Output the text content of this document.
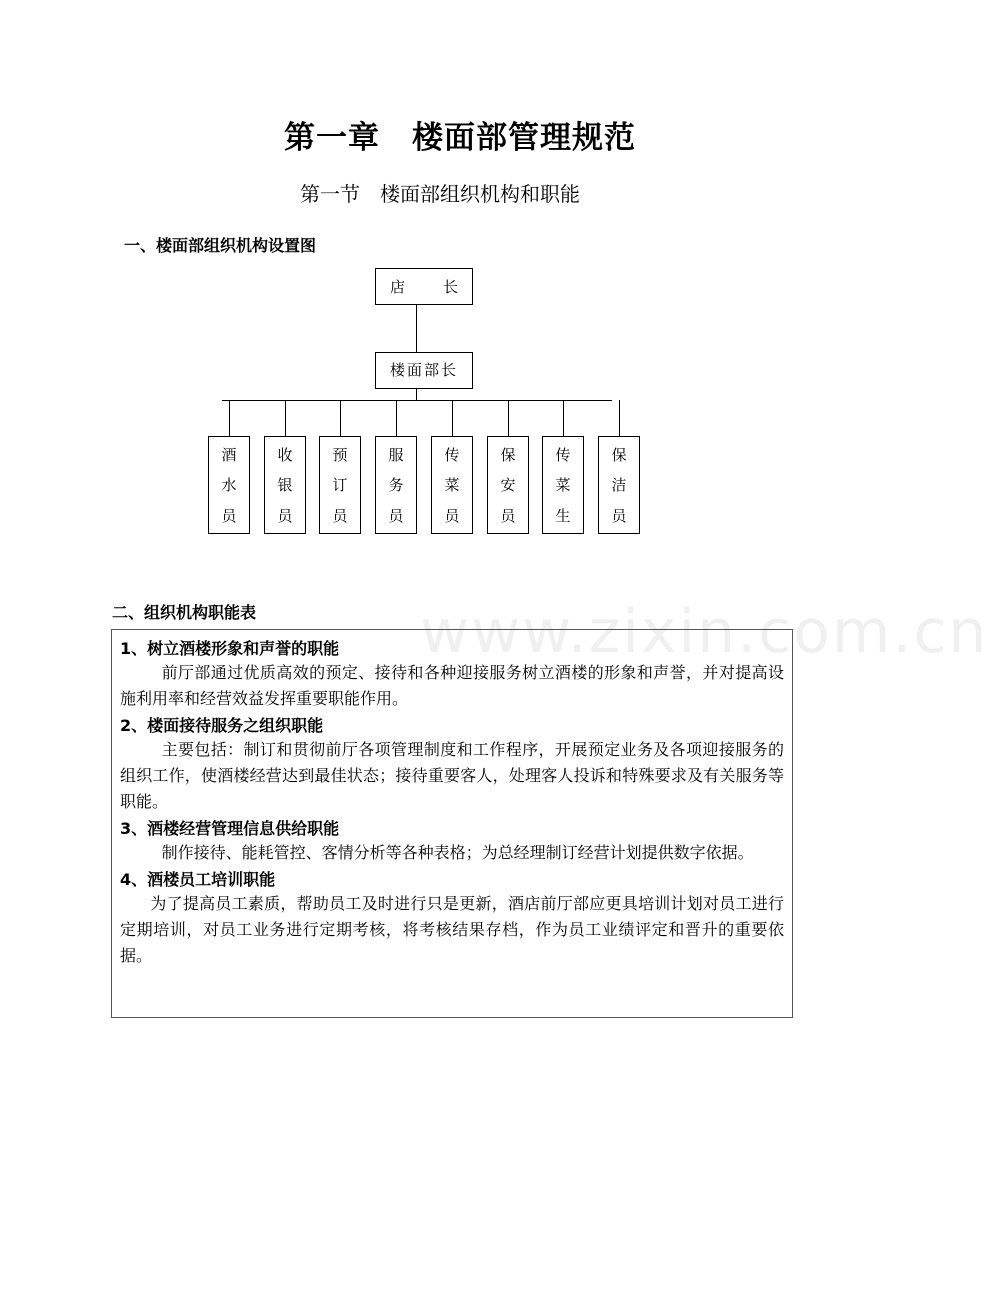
第一章　楼面部管理规范
第一节　楼面部组织机构和职能
一、楼面部组织机构设置图
店	长
楼面部长
酒
水
员
收
银
员
预
订
员
服
务
员
传
菜
员
保
安
员
传
菜
生
保
洁
员
二、组织机构职能表	www.zixin.com.cn
1、树立酒楼形象和声誉的职能
前厅部通过优质高效的预定、接待和各种迎接服务树立酒楼的形象和声誉，并对提高设施利用率和经营效益发挥重要职能作用。
2、楼面接待服务之组织职能
主要包括：制订和贯彻前厅各项管理制度和工作程序，开展预定业务及各项迎接服务的组织工作，使酒楼经营达到最佳状态；接待重要客人，处理客人投诉和特殊要求及有关服务等职能。
3、酒楼经营管理信息供给职能
制作接待、能耗管控、客情分析等各种表格；为总经理制订经营计划提供数字依据。
4、酒楼员工培训职能
为了提高员工素质，帮助员工及时进行只是更新，酒店前厅部应更具培训计划对员工进行定期培训，对员工业务进行定期考核，将考核结果存档，作为员工业绩评定和晋升的重要依据。
